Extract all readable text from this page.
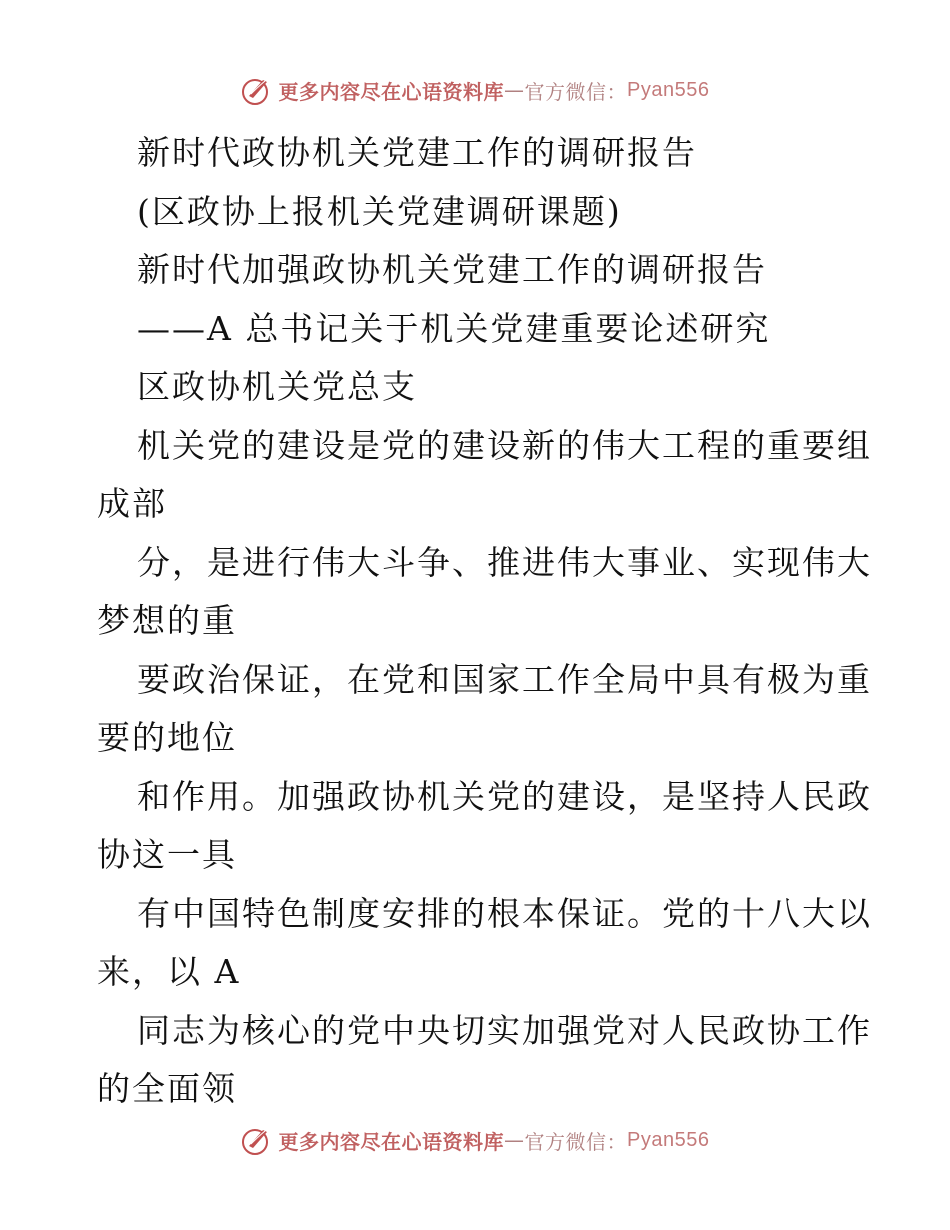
更多内容尽在心语资料库 — 官方微信： Pyan556
新时代政协机关党建工作的调研报告
(区政协上报机关党建调研课题)
新时代加强政协机关党建工作的调研报告
——A 总书记关于机关党建重要论述研究
区政协机关党总支
机关党的建设是党的建设新的伟大工程的重要组
成部
分，是进行伟大斗争、推进伟大事业、实现伟大
梦想的重
要政治保证，在党和国家工作全局中具有极为重
要的地位
和作用。加强政协机关党的建设，是坚持人民政
协这一具
有中国特色制度安排的根本保证。党的十八大以
来，以 A
同志为核心的党中央切实加强党对人民政协工作
的全面领
更多内容尽在心语资料库 — 官方微信： Pyan556
